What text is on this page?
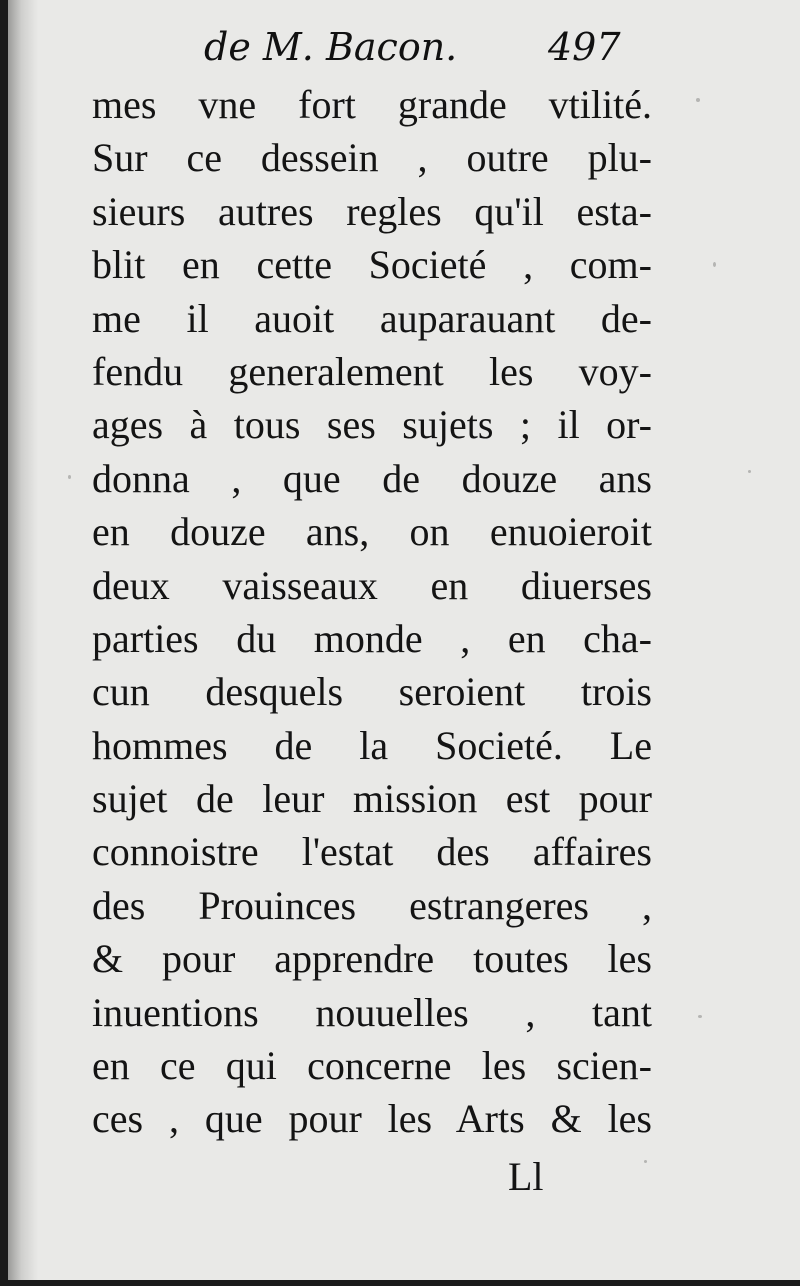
de M. Bacon. 497
mes vne fort grande vtilité.
Sur ce dessein , outre plu-
sieurs autres regles qu'il esta-
blit en cette Societé , com-
me il auoit auparauant de-
fendu generalement les voy-
ages à tous ses sujets ; il or-
donna , que de douze ans
en douze ans, on enuoieroit
deux vaisseaux en diuerses
parties du monde , en cha-
cun desquels seroient trois
hommes de la Societé. Le
sujet de leur mission est pour
connoistre l'estat des affaires
des Prouinces estrangeres ,
& pour apprendre toutes les
inuentions nouuelles , tant
en ce qui concerne les scien-
ces , que pour les Arts & les
Ll
